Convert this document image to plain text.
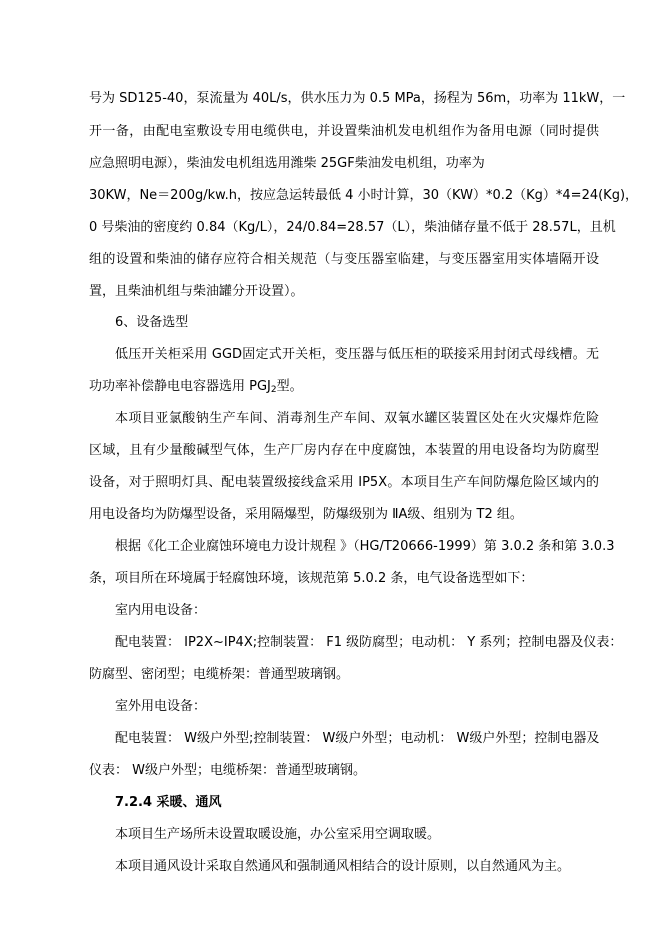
号为 SD125-40，泵流量为 40L/s，供水压力为 0.5 MPa，扬程为 56m，功率为 11kW，一
开一备，由配电室敷设专用电缆供电，并设置柴油机发电机组作为备用电源（同时提供
应急照明电源），柴油发电机组选用潍柴 25GF柴油发电机组，功率为
30KW，Ne＝200g/kw.h，按应急运转最低 4 小时计算，30（KW）*0.2（Kg）*4=24(Kg)，
0 号柴油的密度约 0.84（Kg/L），24/0.84=28.57（L），柴油储存量不低于 28.57L，且机
组的设置和柴油的储存应符合相关规范（与变压器室临建，与变压器室用实体墙隔开设
置，且柴油机组与柴油罐分开设置）。
6、设备选型
低压开关柜采用 GGD固定式开关柜，变压器与低压柜的联接采用封闭式母线槽。无
功功率补偿静电电容器选用 $PGJ_2$型。
本项目亚氯酸钠生产车间、消毒剂生产车间、双氧水罐区装置区处在火灾爆炸危险
区域，且有少量酸碱型气体，生产厂房内存在中度腐蚀，本装置的用电设备均为防腐型
设备，对于照明灯具、配电装置级接线盒采用 IP5X。本项目生产车间防爆危险区域内的
用电设备均为防爆型设备，采用隔爆型，防爆级别为 ⅡA级、组别为 T2 组。
根据《化工企业腐蚀环境电力设计规程 》（HG/T20666-1999）第 3.0.2 条和第 3.0.3
条，项目所在环境属于轻腐蚀环境，该规范第 5.0.2 条，电气设备选型如下：
室内用电设备：
配电装置： IP2X~IP4X;控制装置： F1 级防腐型；电动机： Y 系列；控制电器及仪表：
防腐型、密闭型；电缆桥架：普通型玻璃钢。
室外用电设备：
配电装置： W级户外型;控制装置： W级户外型；电动机： W级户外型；控制电器及
仪表： W级户外型；电缆桥架：普通型玻璃钢。
7.2.4 采暖、通风
本项目生产场所未设置取暖设施，办公室采用空调取暖。
本项目通风设计采取自然通风和强制通风相结合的设计原则，以自然通风为主。
